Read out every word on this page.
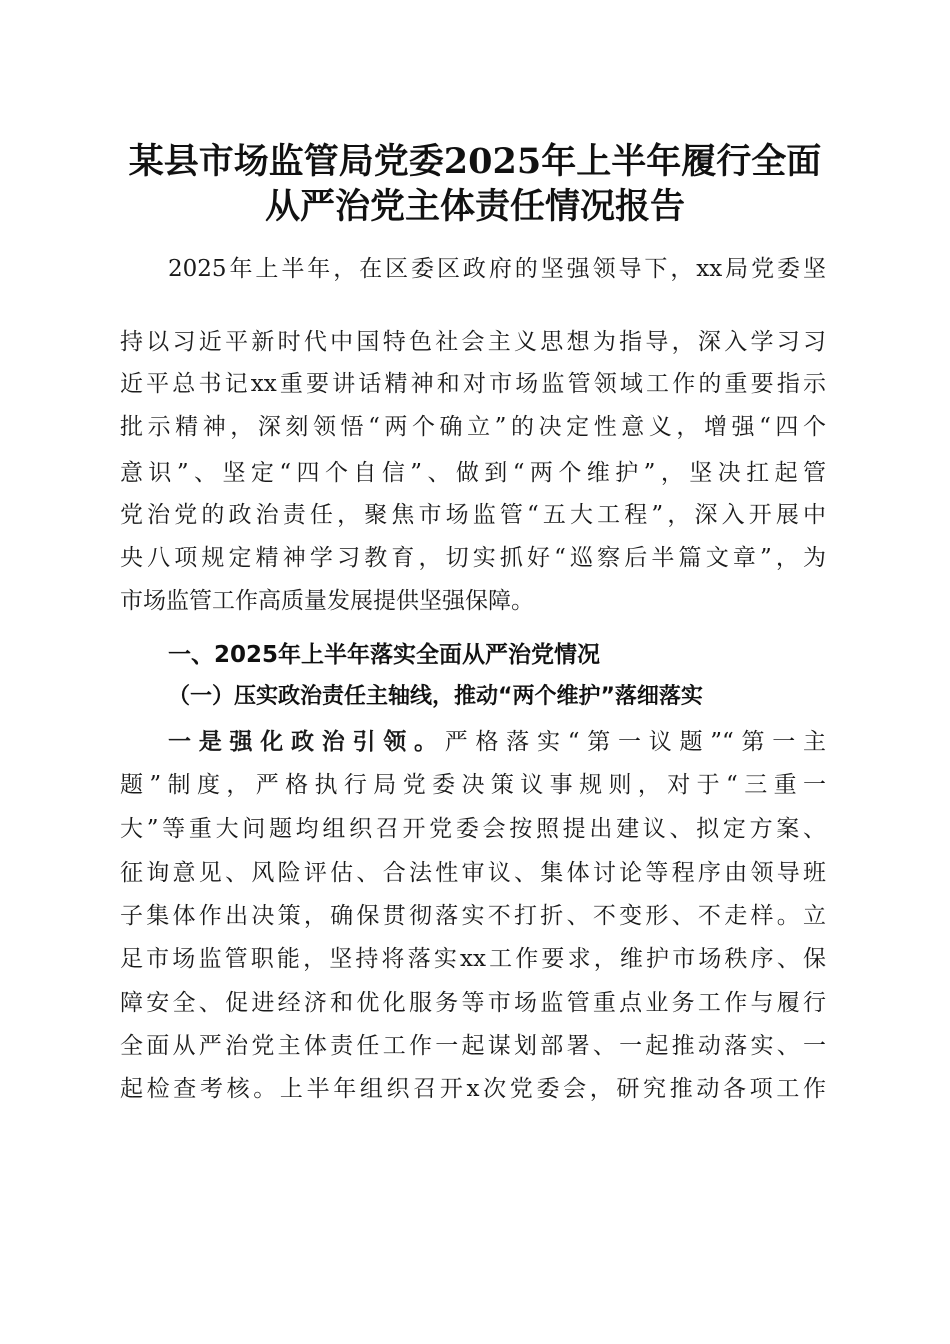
某县市场监管局党委2025年上半年履行全面
从严治党主体责任情况报告

2025年上半年，在区委区政府的坚强领导下，xx局党委坚

持以习近平新时代中国特色社会主义思想为指导，深入学习习

近平总书记xx重要讲话精神和对市场监管领域工作的重要指示

批示精神，深刻领悟“两个确立”的决定性意义，增强“四个

意识”、坚定“四个自信”、做到“两个维护”，坚决扛起管

党治党的政治责任，聚焦市场监管“五大工程”，深入开展中

央八项规定精神学习教育，切实抓好“巡察后半篇文章”，为

市场监管工作高质量发展提供坚强保障。

一、2025年上半年落实全面从严治党情况
（一）压实政治责任主轴线，推动“两个维护”落细落实

一是强化政治引领。严格落实“第一议题”“第一主

题”制度，严格执行局党委决策议事规则，对于“三重一

大”等重大问题均组织召开党委会按照提出建议、拟定方案、

征询意见、风险评估、合法性审议、集体讨论等程序由领导班

子集体作出决策，确保贯彻落实不打折、不变形、不走样。立

足市场监管职能，坚持将落实xx工作要求，维护市场秩序、保

障安全、促进经济和优化服务等市场监管重点业务工作与履行

全面从严治党主体责任工作一起谋划部署、一起推动落实、一

起检查考核。上半年组织召开x次党委会，研究推动各项工作
